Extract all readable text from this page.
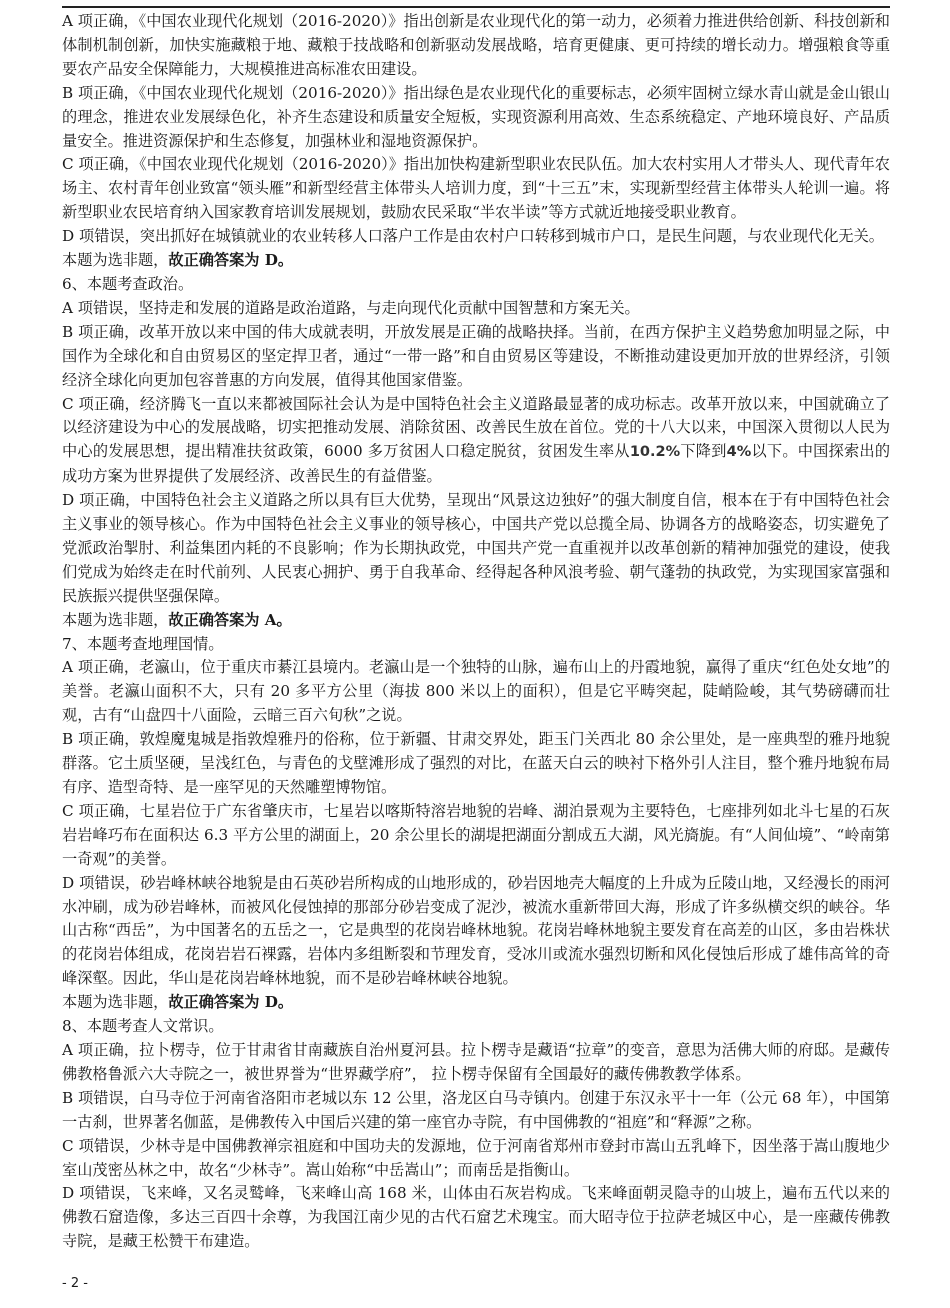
A 项正确，《中国农业现代化规划（2016-2020）》指出创新是农业现代化的第一动力，必须着力推进供给创新、科技创新和体制机制创新，加快实施藏粮于地、藏粮于技战略和创新驱动发展战略，培育更健康、更可持续的增长动力。增强粮食等重要农产品安全保障能力，大规模推进高标准农田建设。

B 项正确，《中国农业现代化规划（2016-2020）》指出绿色是农业现代化的重要标志，必须牢固树立绿水青山就是金山银山的理念，推进农业发展绿色化，补齐生态建设和质量安全短板，实现资源利用高效、生态系统稳定、产地环境良好、产品质量安全。推进资源保护和生态修复，加强林业和湿地资源保护。

C 项正确，《中国农业现代化规划（2016-2020）》指出加快构建新型职业农民队伍。加大农村实用人才带头人、现代青年农场主、农村青年创业致富“领头雁”和新型经营主体带头人培训力度，到“十三五”末，实现新型经营主体带头人轮训一遍。将新型职业农民培育纳入国家教育培训发展规划，鼓励农民采取“半农半读”等方式就近地接受职业教育。

D 项错误，突出抓好在城镇就业的农业转移人口落户工作是由农村户口转移到城市户口，是民生问题，与农业现代化无关。

本题为选非题，故正确答案为 D。

6、本题考查政治。

A 项错误，坚持走和发展的道路是政治道路，与走向现代化贡献中国智慧和方案无关。

B 项正确，改革开放以来中国的伟大成就表明，开放发展是正确的战略抉择。当前，在西方保护主义趋势愈加明显之际，中国作为全球化和自由贸易区的坚定捍卫者，通过“一带一路”和自由贸易区等建设，不断推动建设更加开放的世界经济，引领经济全球化向更加包容普惠的方向发展，值得其他国家借鉴。

C 项正确，经济腾飞一直以来都被国际社会认为是中国特色社会主义道路最显著的成功标志。改革开放以来，中国就确立了以经济建设为中心的发展战略，切实把推动发展、消除贫困、改善民生放在首位。党的十八大以来，中国深入贯彻以人民为中心的发展思想，提出精准扶贫政策，6000 多万贫困人口稳定脱贫，贫困发生率从10.2%下降到4%以下。中国探索出的成功方案为世界提供了发展经济、改善民生的有益借鉴。

D 项正确，中国特色社会主义道路之所以具有巨大优势，呈现出“风景这边独好”的强大制度自信，根本在于有中国特色社会主义事业的领导核心。作为中国特色社会主义事业的领导核心，中国共产党以总揽全局、协调各方的战略姿态，切实避免了党派政治掣肘、利益集团内耗的不良影响；作为长期执政党，中国共产党一直重视并以改革创新的精神加强党的建设，使我们党成为始终走在时代前列、人民衷心拥护、勇于自我革命、经得起各种风浪考验、朝气蓬勃的执政党，为实现国家富强和民族振兴提供坚强保障。

本题为选非题，故正确答案为 A。

7、本题考查地理国情。

A 项正确，老瀛山，位于重庆市綦江县境内。老瀛山是一个独特的山脉，遍布山上的丹霞地貌，赢得了重庆“红色处女地”的美誉。老瀛山面积不大，只有 20 多平方公里（海拔 800 米以上的面积），但是它平畴突起，陡峭险峻，其气势磅礴而壮观，古有“山盘四十八面险，云暗三百六旬秋”之说。

B 项正确，敦煌魔鬼城是指敦煌雅丹的俗称，位于新疆、甘肃交界处，距玉门关西北 80 余公里处，是一座典型的雅丹地貌群落。它土质坚硬，呈浅红色，与青色的戈壁滩形成了强烈的对比，在蓝天白云的映衬下格外引人注目，整个雅丹地貌布局有序、造型奇特、是一座罕见的天然雕塑博物馆。

C 项正确，七星岩位于广东省肇庆市，七星岩以喀斯特溶岩地貌的岩峰、湖泊景观为主要特色，七座排列如北斗七星的石灰岩岩峰巧布在面积达 6.3 平方公里的湖面上，20 余公里长的湖堤把湖面分割成五大湖，风光旖旎。有“人间仙境”、“岭南第一奇观”的美誉。

D 项错误，砂岩峰林峡谷地貌是由石英砂岩所构成的山地形成的，砂岩因地壳大幅度的上升成为丘陵山地，又经漫长的雨河水冲刷，成为砂岩峰林，而被风化侵蚀掉的那部分砂岩变成了泥沙，被流水重新带回大海，形成了许多纵横交织的峡谷。华山古称“西岳”，为中国著名的五岳之一，它是典型的花岗岩峰林地貌。花岗岩峰林地貌主要发育在高差的山区，多由岩株状的花岗岩体组成，花岗岩岩石裸露，岩体内多组断裂和节理发育，受冰川或流水强烈切断和风化侵蚀后形成了雄伟高耸的奇峰深壑。因此，华山是花岗岩峰林地貌，而不是砂岩峰林峡谷地貌。

本题为选非题，故正确答案为 D。

8、本题考查人文常识。

A 项正确，拉卜楞寺，位于甘肃省甘南藏族自治州夏河县。拉卜楞寺是藏语“拉章”的变音，意思为活佛大师的府邸。是藏传佛教格鲁派六大寺院之一，被世界誉为“世界藏学府”， 拉卜楞寺保留有全国最好的藏传佛教教学体系。

B 项错误，白马寺位于河南省洛阳市老城以东 12 公里，洛龙区白马寺镇内。创建于东汉永平十一年（公元 68 年），中国第一古刹，世界著名伽蓝，是佛教传入中国后兴建的第一座官办寺院，有中国佛教的“祖庭”和“释源”之称。

C 项错误，少林寺是中国佛教禅宗祖庭和中国功夫的发源地，位于河南省郑州市登封市嵩山五乳峰下，因坐落于嵩山腹地少室山茂密丛林之中，故名“少林寺”。嵩山始称“中岳嵩山”；而南岳是指衡山。

D 项错误，飞来峰，又名灵鹫峰，飞来峰山高 168 米，山体由石灰岩构成。飞来峰面朝灵隐寺的山坡上，遍布五代以来的佛教石窟造像，多达三百四十余尊，为我国江南少见的古代石窟艺术瑰宝。而大昭寺位于拉萨老城区中心，是一座藏传佛教寺院，是藏王松赞干布建造。

- 2 -
